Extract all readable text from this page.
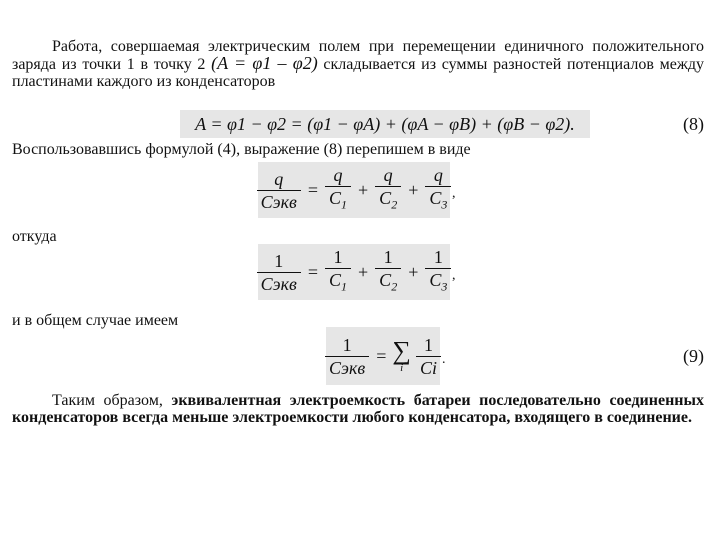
Работа, совершаемая электрическим полем при перемещении единичного положительного заряда из точки 1 в точку 2 (A = φ1 – φ2) складывается из суммы разностей потенциалов между пластинами каждого из конденсаторов
A = φ1 − φ2 = (φ1 − φA) + (φA − φB) + (φB − φ2).	(8)
Воспользовавшись формулой (4), выражение (8) перепишем в виде
$\frac{q}{\text{Cэкв}} = \frac{q}{C_1} + \frac{q}{C_2} + \frac{q}{C_3}$ ,
откуда
$\frac{1}{\text{Cэкв}} = \frac{1}{C_1} + \frac{1}{C_2} + \frac{1}{C_3}$ ,
и в общем случае имеем
$\frac{1}{\text{Cэкв}}$ = ∑
i $\frac{1}{Ci}$ .	(9)
Таким образом, эквивалентная электроемкость батареи последовательно соединенных конденсаторов всегда меньше электроемкости любого конденсатора, входящего в соединение.
